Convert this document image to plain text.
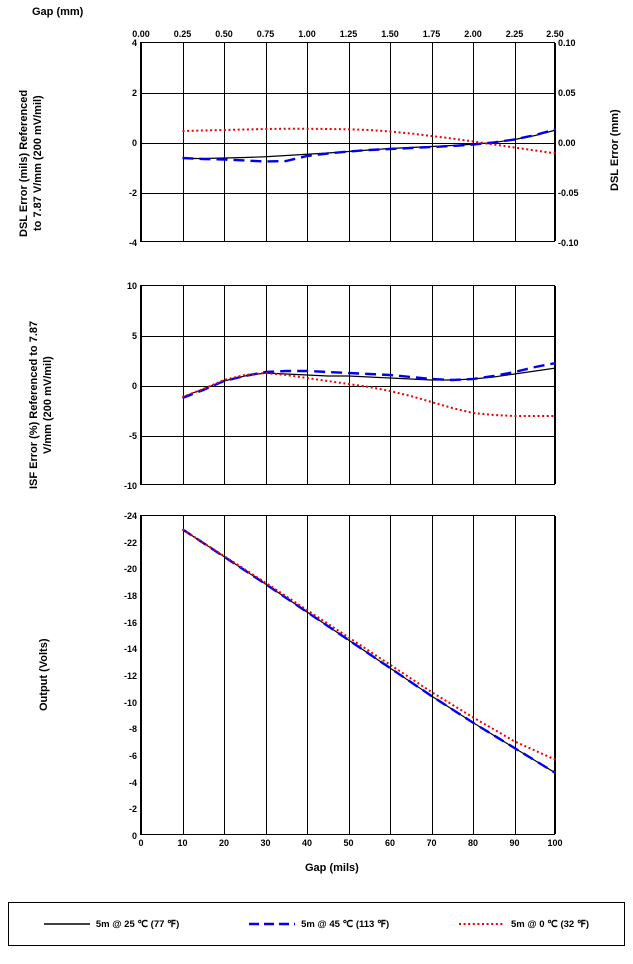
Gap (mm)
DSL Error (mils) Referenced to 7.87 V/mm (200 mV/mil)
4
2
0
-2
-4
0.10
0.05
0.00
-0.05
-0.10
0.00	0.25	0.50	0.75	1.00	1.25	1.50	1.75	2.00	2.25	2.50
DSL Error (mm)
ISF Error (%) Referenced to 7.87 V/mm (200 mV/mil)
10
5
0
-5
-10
Output (Volts)
-24
-22
-20
-18
-16
-14
-12
-10
-8
-6
-4
-2
0
0	10	20	30	40	50	60	70	80	90	100
Gap (mils)
5m @ 25 ℃ (77 ℉)	5m @ 45 ℃ (113 ℉)	5m @ 0 ℃ (32 ℉)
